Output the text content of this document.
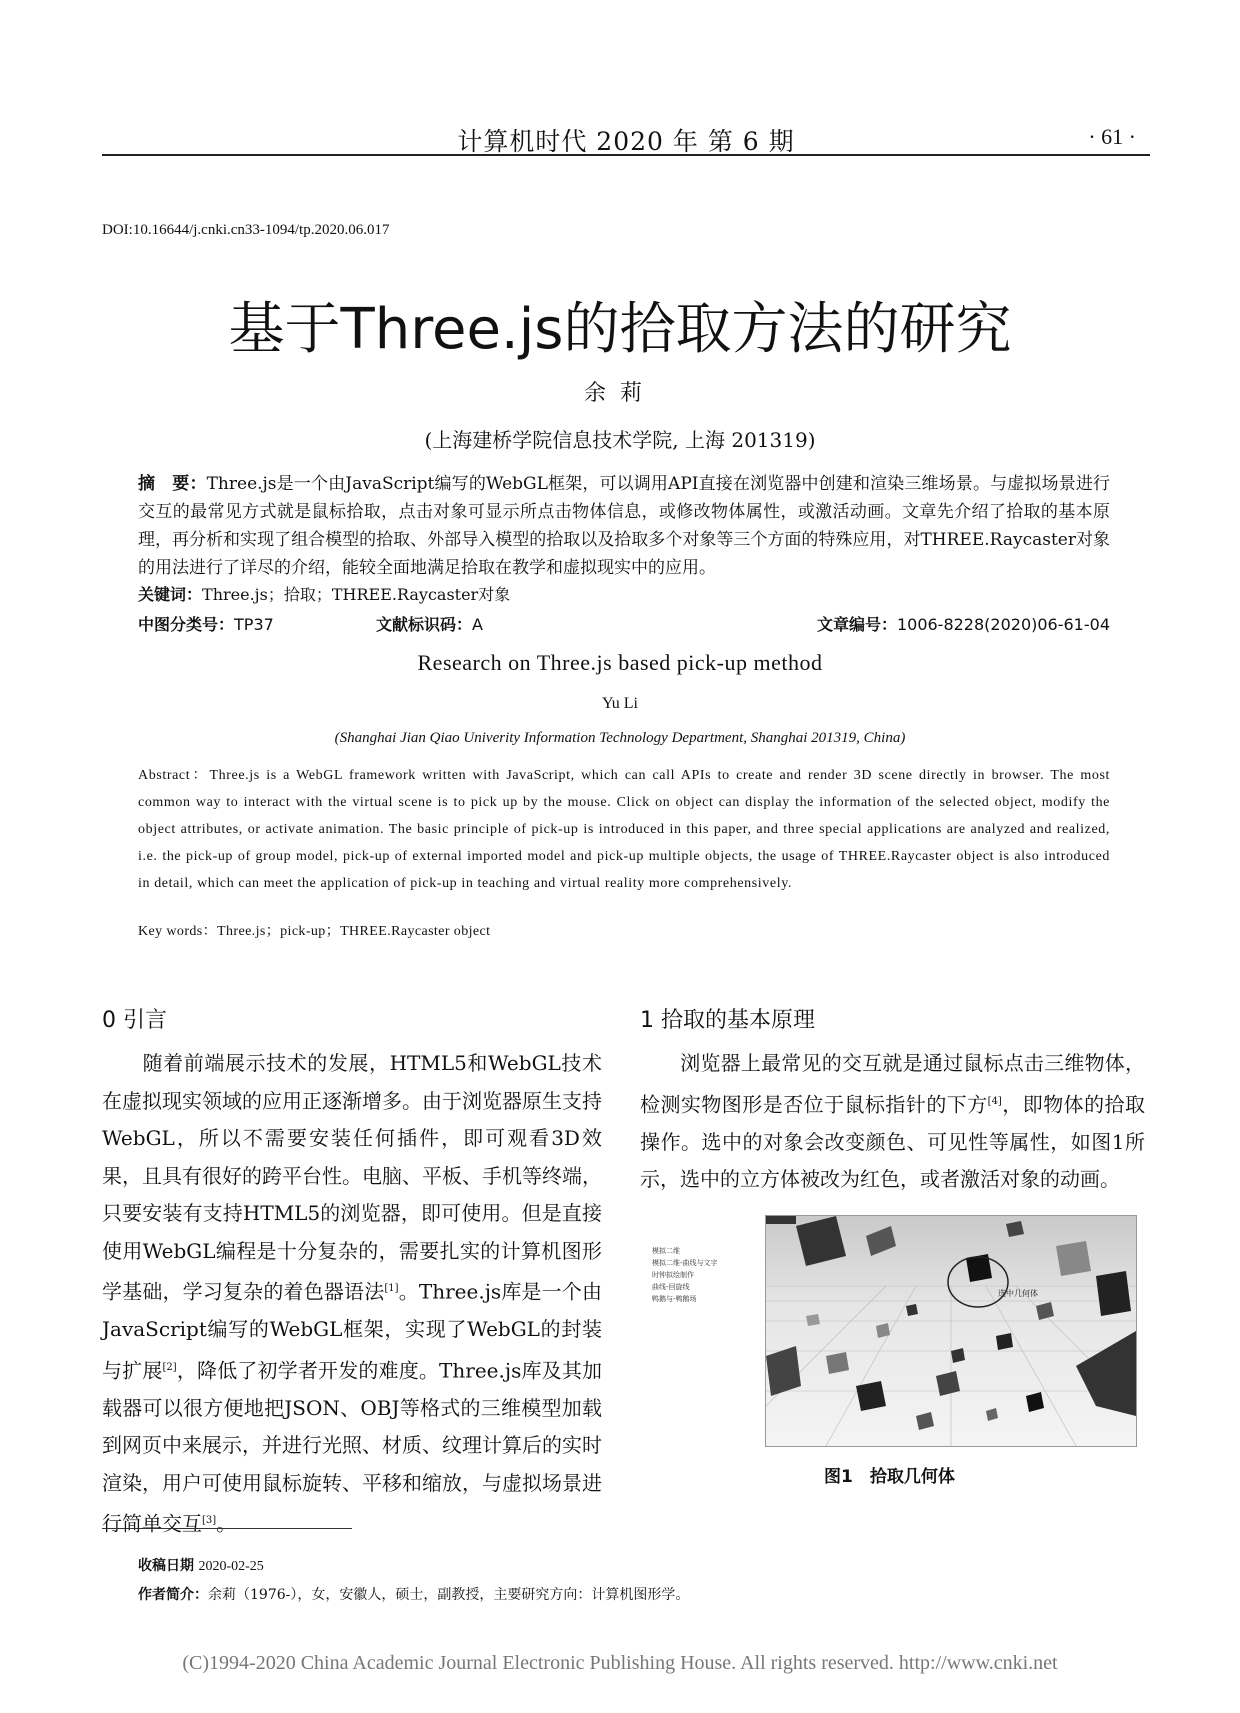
计算机时代 2020 年 第 6 期	· 61 ·
DOI:10.16644/j.cnki.cn33-1094/tp.2020.06.017
基于Three.js的拾取方法的研究
余莉
(上海建桥学院信息技术学院, 上海 201319)
摘　要：Three.js是一个由JavaScript编写的WebGL框架，可以调用API直接在浏览器中创建和渲染三维场景。与虚拟场景进行交互的最常见方式就是鼠标拾取，点击对象可显示所点击物体信息，或修改物体属性，或激活动画。文章先介绍了拾取的基本原理，再分析和实现了组合模型的拾取、外部导入模型的拾取以及拾取多个对象等三个方面的特殊应用，对THREE.Raycaster对象的用法进行了详尽的介绍，能较全面地满足拾取在教学和虚拟现实中的应用。
关键词：Three.js；拾取；THREE.Raycaster对象
中图分类号：TP37	文献标识码：A	文章编号：1006-8228(2020)06-61-04
Research on Three.js based pick-up method
Yu Li
(Shanghai Jian Qiao Univerity Information Technology Department, Shanghai 201319, China)
Abstract：Three.js is a WebGL framework written with JavaScript, which can call APIs to create and render 3D scene directly in browser. The most common way to interact with the virtual scene is to pick up by the mouse. Click on object can display the information of the selected object, modify the object attributes, or activate animation. The basic principle of pick-up is introduced in this paper, and three special applications are analyzed and realized, i.e. the pick-up of group model, pick-up of external imported model and pick-up multiple objects, the usage of THREE.Raycaster object is also introduced in detail, which can meet the application of pick-up in teaching and virtual reality more comprehensively.
Key words：Three.js；pick-up；THREE.Raycaster object
0 引言
随着前端展示技术的发展，HTML5和WebGL技术在虚拟现实领域的应用正逐渐增多。由于浏览器原生支持WebGL，所以不需要安装任何插件，即可观看3D效果，且具有很好的跨平台性。电脑、平板、手机等终端，只要安装有支持HTML5的浏览器，即可使用。但是直接使用WebGL编程是十分复杂的，需要扎实的计算机图形学基础，学习复杂的着色器语法[1]。Three.js库是一个由JavaScript编写的WebGL框架，实现了WebGL的封装与扩展[2]，降低了初学者开发的难度。Three.js库及其加载器可以很方便地把JSON、OBJ等格式的三维模型加载到网页中来展示，并进行光照、材质、纹理计算后的实时渲染，用户可使用鼠标旋转、平移和缩放，与虚拟场景进行简单交互[3]。
1 拾取的基本原理
浏览器上最常见的交互就是通过鼠标点击三维物体，检测实物图形是否位于鼠标指针的下方[4]，即物体的拾取操作。选中的对象会改变颜色、可见性等属性，如图1所示，选中的立方体被改为红色，或者激活对象的动画。
模拟二维
模拟二维-曲线与文字
时钟拟绘制作
曲线-回旋线
鸭鹅与-鸭鹅场
选中几何体
图1　拾取几何体
收稿日期 2020-02-25
作者简介：余莉（1976-），女，安徽人，硕士，副教授，主要研究方向：计算机图形学。
(C)1994-2020 China Academic Journal Electronic Publishing House. All rights reserved. http://www.cnki.net
